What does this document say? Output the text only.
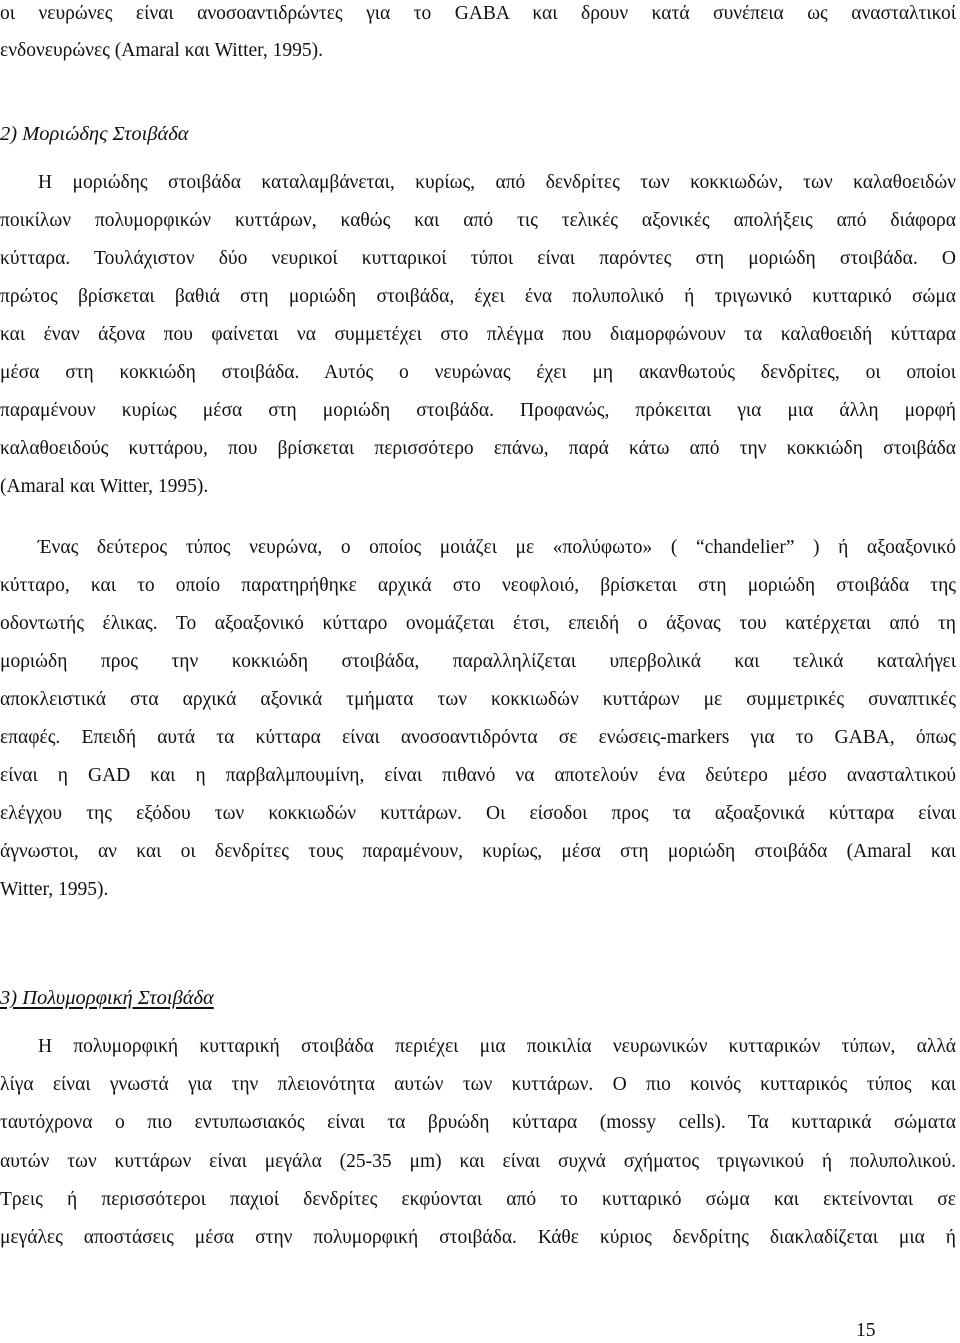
οι νευρώνες είναι ανοσοαντιδρώντες για το GABA και δρουν κατά συνέπεια ως ανασταλτικοί
ενδονευρώνες (Amaral και Witter, 1995).
2) Μοριώδης Στοιβάδα
Η μοριώδης στοιβάδα καταλαμβάνεται, κυρίως, από δενδρίτες των κοκκιωδών, των καλαθοειδών
ποικίλων πολυμορφικών κυττάρων, καθώς και από τις τελικές αξονικές απολήξεις από διάφορα
κύτταρα. Τουλάχιστον δύο νευρικοί κυτταρικοί τύποι είναι παρόντες στη μοριώδη στοιβάδα. Ο
πρώτος βρίσκεται βαθιά στη μοριώδη στοιβάδα, έχει ένα πολυπολικό ή τριγωνικό κυτταρικό σώμα
και έναν άξονα που φαίνεται να συμμετέχει στο πλέγμα που διαμορφώνουν τα καλαθοειδή κύτταρα
μέσα στη κοκκιώδη στοιβάδα. Αυτός ο νευρώνας έχει μη ακανθωτούς δενδρίτες, οι οποίοι
παραμένουν κυρίως μέσα στη μοριώδη στοιβάδα. Προφανώς, πρόκειται για μια άλλη μορφή
καλαθοειδούς κυττάρου, που βρίσκεται περισσότερο επάνω, παρά κάτω από την κοκκιώδη στοιβάδα
(Amaral και Witter, 1995).
Ένας δεύτερος τύπος νευρώνα, ο οποίος μοιάζει με «πολύφωτο» ( “chandelier” ) ή αξοαξονικό
κύτταρο, και το οποίο παρατηρήθηκε αρχικά στο νεοφλοιό, βρίσκεται στη μοριώδη στοιβάδα της
οδοντωτής έλικας. Το αξοαξονικό κύτταρο ονομάζεται έτσι, επειδή ο άξονας του κατέρχεται από τη
μοριώδη προς την κοκκιώδη στοιβάδα, παραλληλίζεται υπερβολικά και τελικά καταλήγει
αποκλειστικά στα αρχικά αξονικά τμήματα των κοκκιωδών κυττάρων με συμμετρικές συναπτικές
επαφές. Επειδή αυτά τα κύτταρα είναι ανοσοαντιδρόντα σε ενώσεις-markers για το GABA, όπως
είναι η GAD και η παρβαλμπουμίνη, είναι πιθανό να αποτελούν ένα δεύτερο μέσο ανασταλτικού
ελέγχου της εξόδου των κοκκιωδών κυττάρων. Οι είσοδοι προς τα αξοαξονικά κύτταρα είναι
άγνωστοι, αν και οι δενδρίτες τους παραμένουν, κυρίως, μέσα στη μοριώδη στοιβάδα (Amaral και
Witter, 1995).
3) Πολυμορφική Στοιβάδα
Η πολυμορφική κυτταρική στοιβάδα περιέχει μια ποικιλία νευρωνικών κυτταρικών τύπων, αλλά
λίγα είναι γνωστά για την πλειονότητα αυτών των κυττάρων. Ο πιο κοινός κυτταρικός τύπος και
ταυτόχρονα ο πιο εντυπωσιακός είναι τα βρυώδη κύτταρα (mossy cells). Τα κυτταρικά σώματα
αυτών των κυττάρων είναι μεγάλα (25-35 μm) και είναι συχνά σχήματος τριγωνικού ή πολυπολικού.
Τρεις ή περισσότεροι παχιοί δενδρίτες εκφύονται από το κυτταρικό σώμα και εκτείνονται σε
μεγάλες αποστάσεις μέσα στην πολυμορφική στοιβάδα. Κάθε κύριος δενδρίτης διακλαδίζεται μια ή
15
